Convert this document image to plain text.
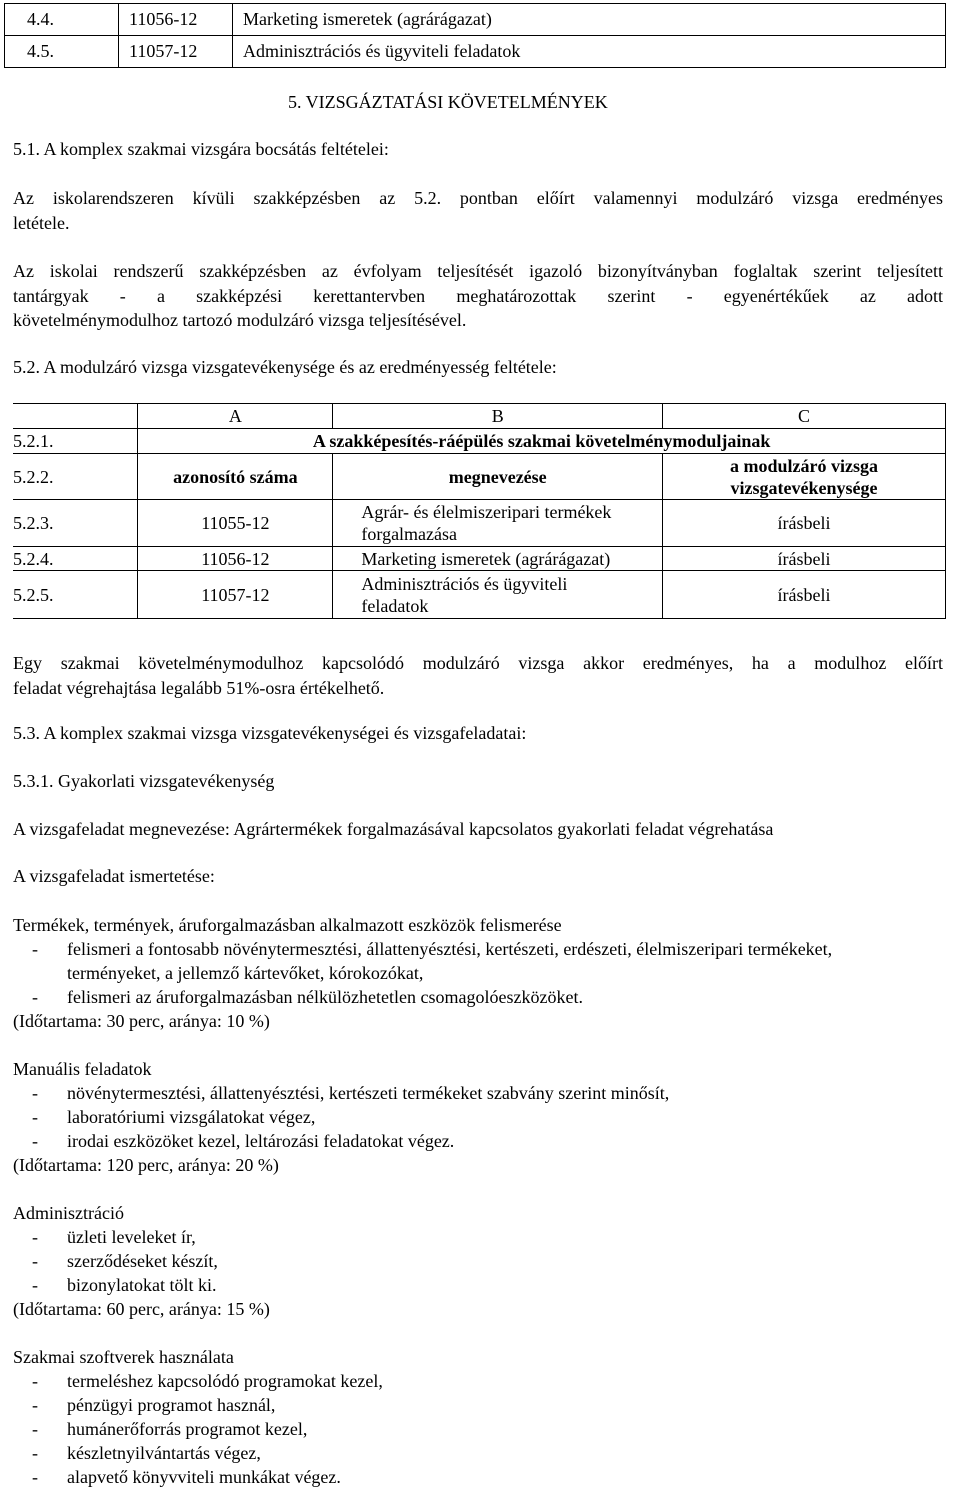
4.4.	11056-12	Marketing ismeretek (agrárágazat)
4.5.	11057-12	Adminisztrációs és ügyviteli feladatok
5. VIZSGÁZTATÁSI KÖVETELMÉNYEK
5.1. A komplex szakmai vizsgára bocsátás feltételei:
Az iskolarendszeren kívüli szakképzésben az 5.2. pontban előírt valamennyi modulzáró vizsga eredményes
letétele.
Az iskolai rendszerű szakképzésben az évfolyam teljesítését igazoló bizonyítványban foglaltak szerint teljesített
tantárgyak - a szakképzési kerettantervben meghatározottak szerint - egyenértékűek az adott
követelménymodulhoz tartozó modulzáró vizsga teljesítésével.
5.2. A modulzáró vizsga vizsgatevékenysége és az eredményesség feltétele:
	A	B	C
5.2.1.	A szakképesítés-ráépülés szakmai követelménymoduljainak		
5.2.2.	azonosító száma	megnevezése	a modulzáró vizsga
vizsgatevékenysége

5.2.3.	11055-12	Agrár- és élelmiszeripari termékek
forgalmazása	írásbeli
5.2.4.	11056-12	Marketing ismeretek (agrárágazat)	írásbeli
5.2.5.	11057-12	Adminisztrációs és ügyviteli
feladatok	írásbeli
Egy szakmai követelménymodulhoz kapcsolódó modulzáró vizsga akkor eredményes, ha a modulhoz előírt
feladat végrehajtása legalább 51%-osra értékelhető.
5.3. A komplex szakmai vizsga vizsgatevékenységei és vizsgafeladatai:
5.3.1. Gyakorlati vizsgatevékenység
A vizsgafeladat megnevezése: Agrártermékek forgalmazásával kapcsolatos gyakorlati feladat végrehatása
A vizsgafeladat ismertetése:
Termékek, termények, áruforgalmazásban alkalmazott eszközök felismerése
- felismeri a fontosabb növénytermesztési, állattenyésztési, kertészeti, erdészeti, élelmiszeripari termékeket,
terményeket, a jellemző kártevőket, kórokozókat,
- felismeri az áruforgalmazásban nélkülözhetetlen csomagolóeszközöket.
(Időtartama: 30 perc, aránya: 10 %)
Manuális feladatok
- növénytermesztési, állattenyésztési, kertészeti termékeket szabvány szerint minősít,
- laboratóriumi vizsgálatokat végez,
- irodai eszközöket kezel, leltározási feladatokat végez.
(Időtartama: 120 perc, aránya: 20 %)
Adminisztráció
- üzleti leveleket ír,
- szerződéseket készít,
- bizonylatokat tölt ki.
(Időtartama: 60 perc, aránya: 15 %)
Szakmai szoftverek használata
- termeléshez kapcsolódó programokat kezel,
- pénzügyi programot használ,
- humánerőforrás programot kezel,
- készletnyilvántartás végez,
- alapvető könyvviteli munkákat végez.
